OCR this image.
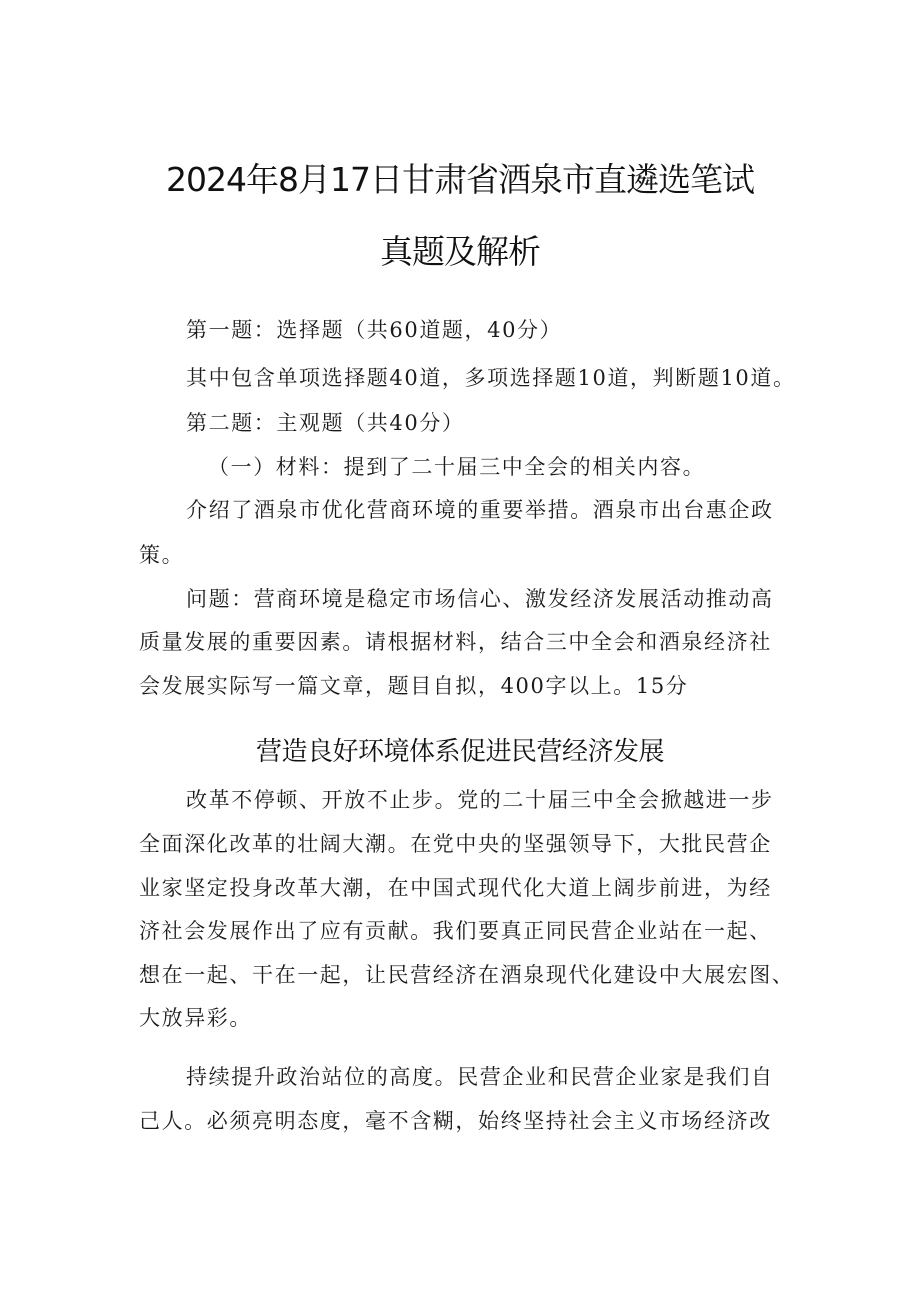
2024年8月17日甘肃省酒泉市直遴选笔试
真题及解析
第一题：选择题（共60道题，40分）
其中包含单项选择题40道，多项选择题10道，判断题10道。
第二题：主观题（共40分）
（一）材料：提到了二十届三中全会的相关内容。
介绍了酒泉市优化营商环境的重要举措。酒泉市出台惠企政
策。
问题：营商环境是稳定市场信心、激发经济发展活动推动高
质量发展的重要因素。请根据材料，结合三中全会和酒泉经济社
会发展实际写一篇文章，题目自拟，400字以上。15分
营造良好环境体系促进民营经济发展
改革不停顿、开放不止步。党的二十届三中全会掀越进一步
全面深化改革的壮阔大潮。在党中央的坚强领导下，大批民营企
业家坚定投身改革大潮，在中国式现代化大道上阔步前进，为经
济社会发展作出了应有贡献。我们要真正同民营企业站在一起、
想在一起、干在一起，让民营经济在酒泉现代化建设中大展宏图、
大放异彩。
持续提升政治站位的高度。民营企业和民营企业家是我们自
己人。必须亮明态度，毫不含糊，始终坚持社会主义市场经济改
